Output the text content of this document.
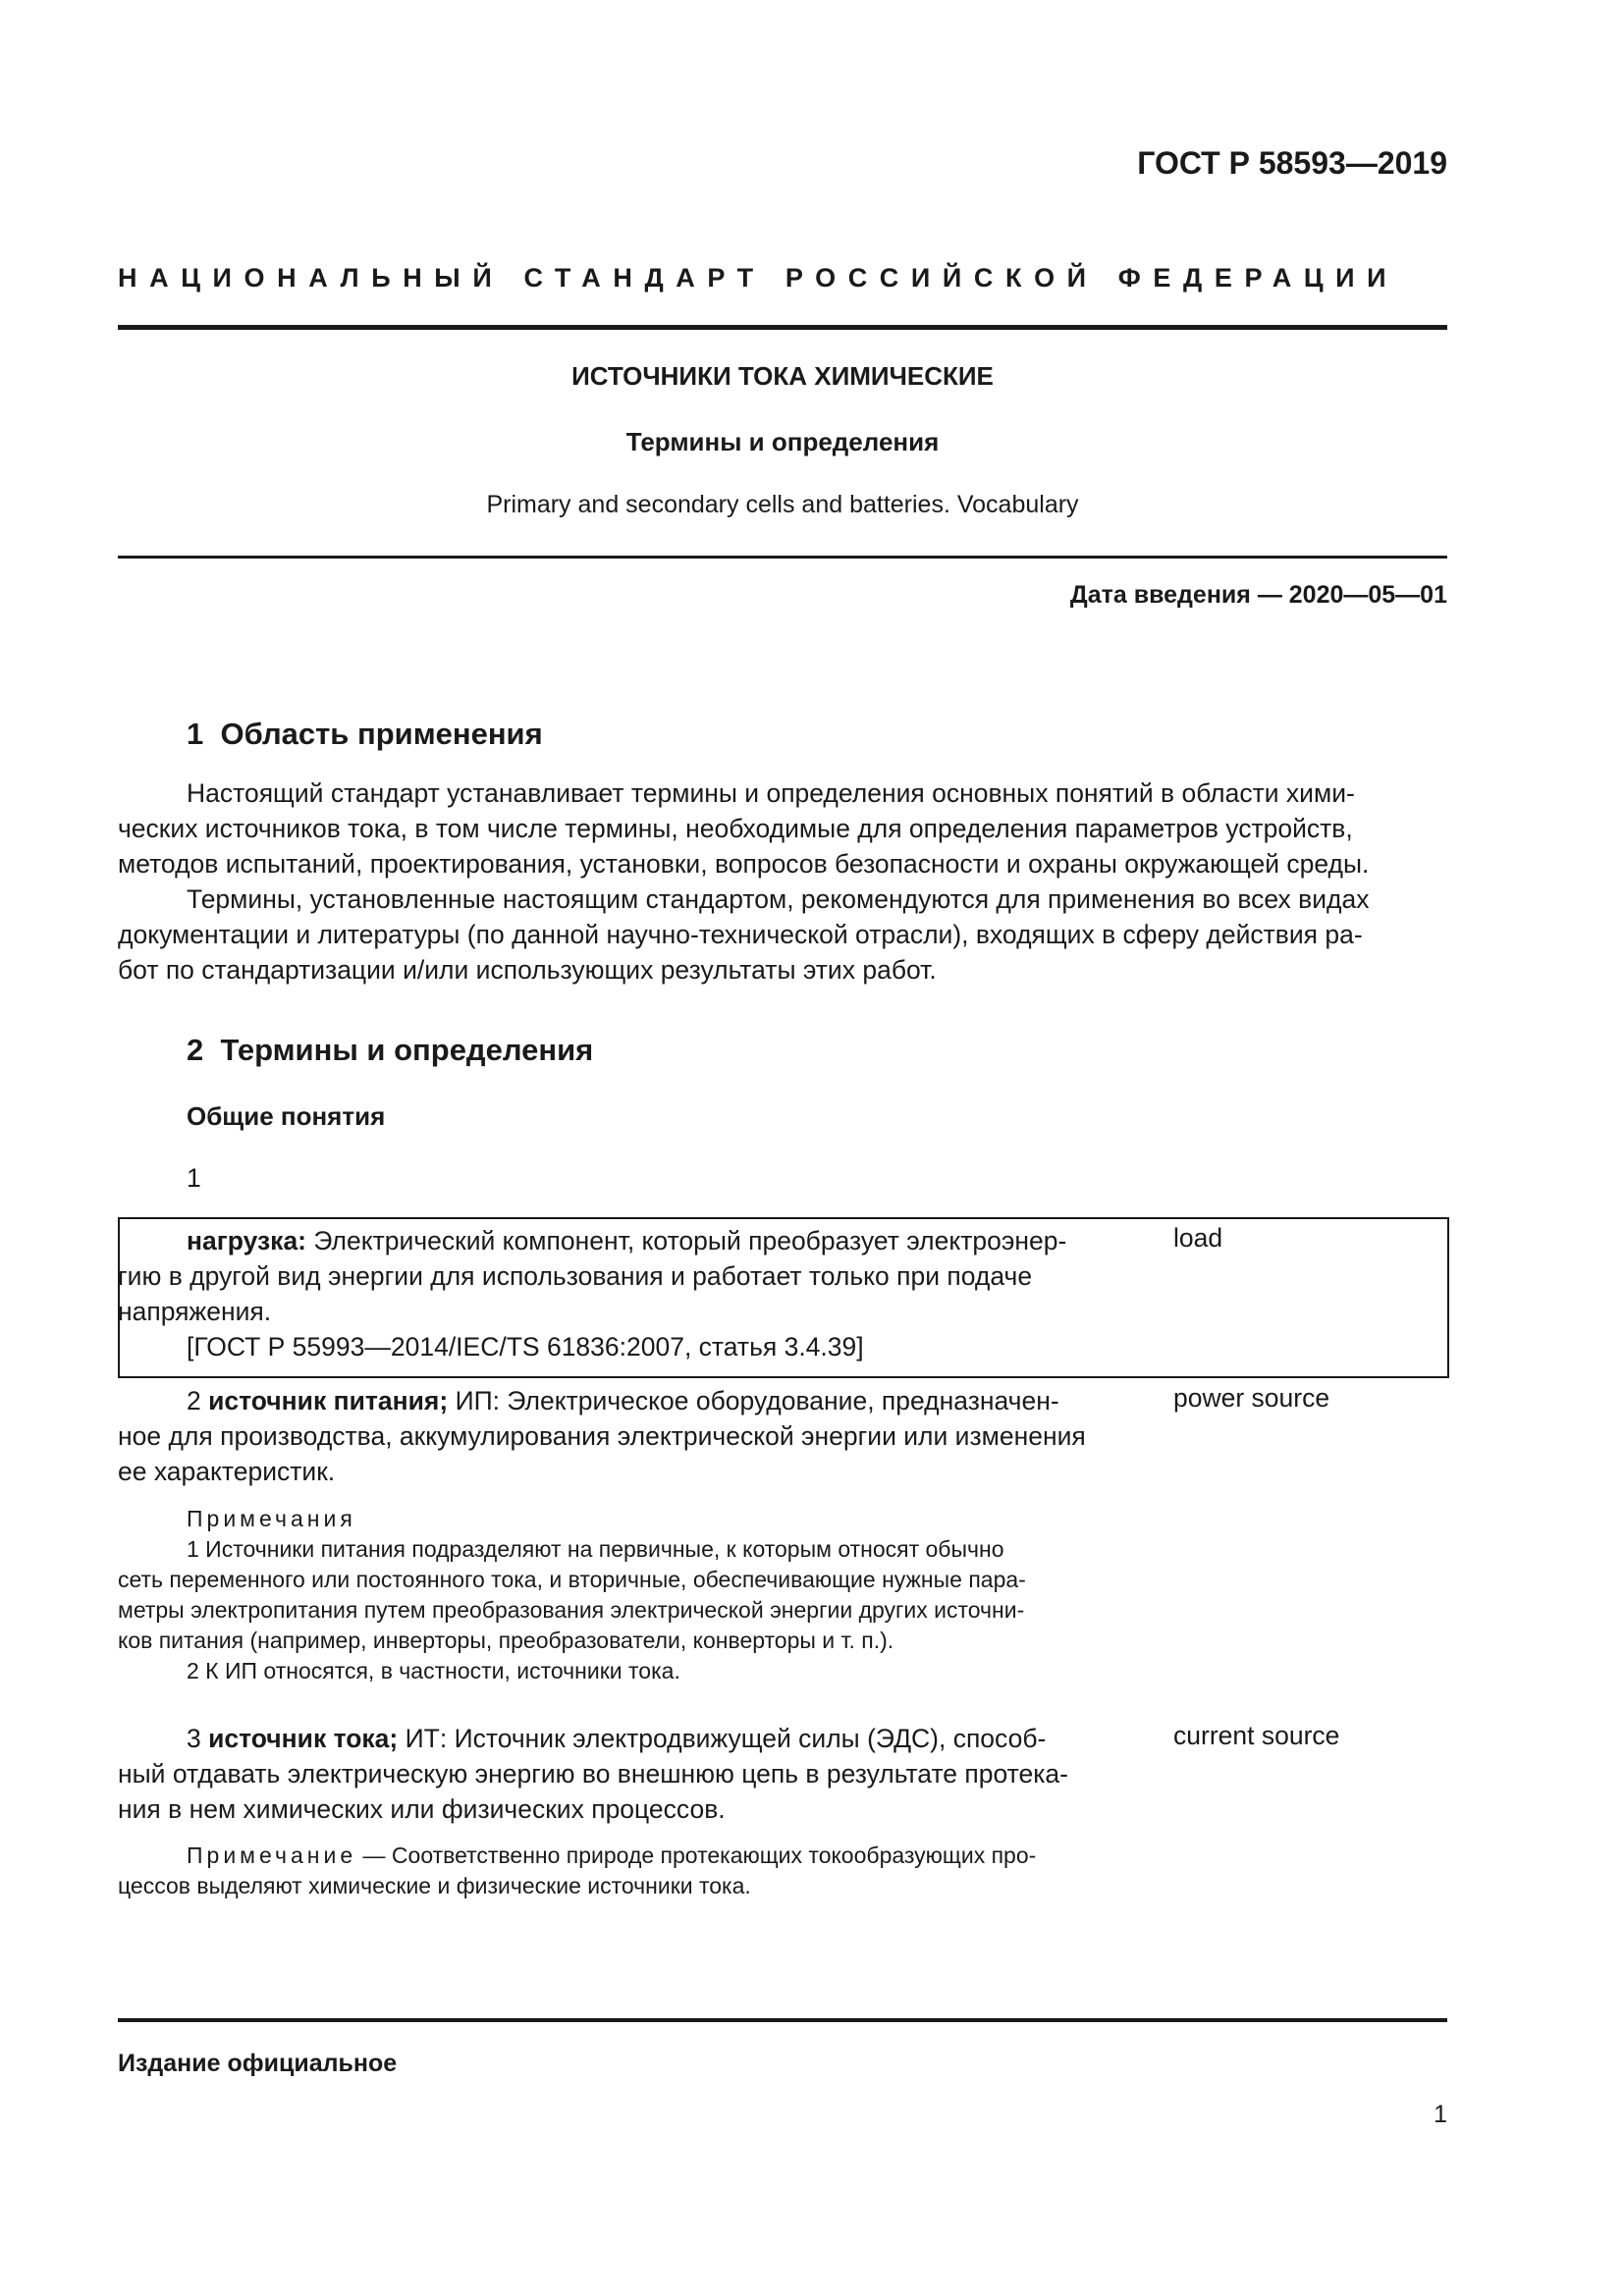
ГОСТ Р 58593—2019
НАЦИОНАЛЬНЫЙ СТАНДАРТ РОССИЙСКОЙ ФЕДЕРАЦИИ
ИСТОЧНИКИ ТОКА ХИМИЧЕСКИЕ
Термины и определения
Primary and secondary cells and batteries. Vocabulary
Дата введения — 2020—05—01
1  Область применения
Настоящий стандарт устанавливает термины и определения основных понятий в области хими-
ческих источников тока, в том числе термины, необходимые для определения параметров устройств,
методов испытаний, проектирования, установки, вопросов безопасности и охраны окружающей среды.
Термины, установленные настоящим стандартом, рекомендуются для применения во всех видах
документации и литературы (по данной научно-технической отрасли), входящих в сферу действия ра-
бот по стандартизации и/или использующих результаты этих работ.
2  Термины и определения
Общие понятия
1
нагрузка: Электрический компонент, который преобразует электроэнер-
гию в другой вид энергии для использования и работает только при подаче
напряжения.
[ГОСТ Р 55993—2014/IEC/TS 61836:2007, статья 3.4.39]
load
2 источник питания; ИП: Электрическое оборудование, предназначен-
ное для производства, аккумулирования электрической энергии или изменения
ее характеристик.
power source
Примечания
1 Источники питания подразделяют на первичные, к которым относят обычно
сеть переменного или постоянного тока, и вторичные, обеспечивающие нужные пара-
метры электропитания путем преобразования электрической энергии других источни-
ков питания (например, инверторы, преобразователи, конверторы и т. п.).
2 К ИП относятся, в частности, источники тока.
3 источник тока; ИТ: Источник электродвижущей силы (ЭДС), способ-
ный отдавать электрическую энергию во внешнюю цепь в результате протека-
ния в нем химических или физических процессов.
current source
Примечание — Соответственно природе протекающих токообразующих про-
цессов выделяют химические и физические источники тока.
Издание официальное
1
